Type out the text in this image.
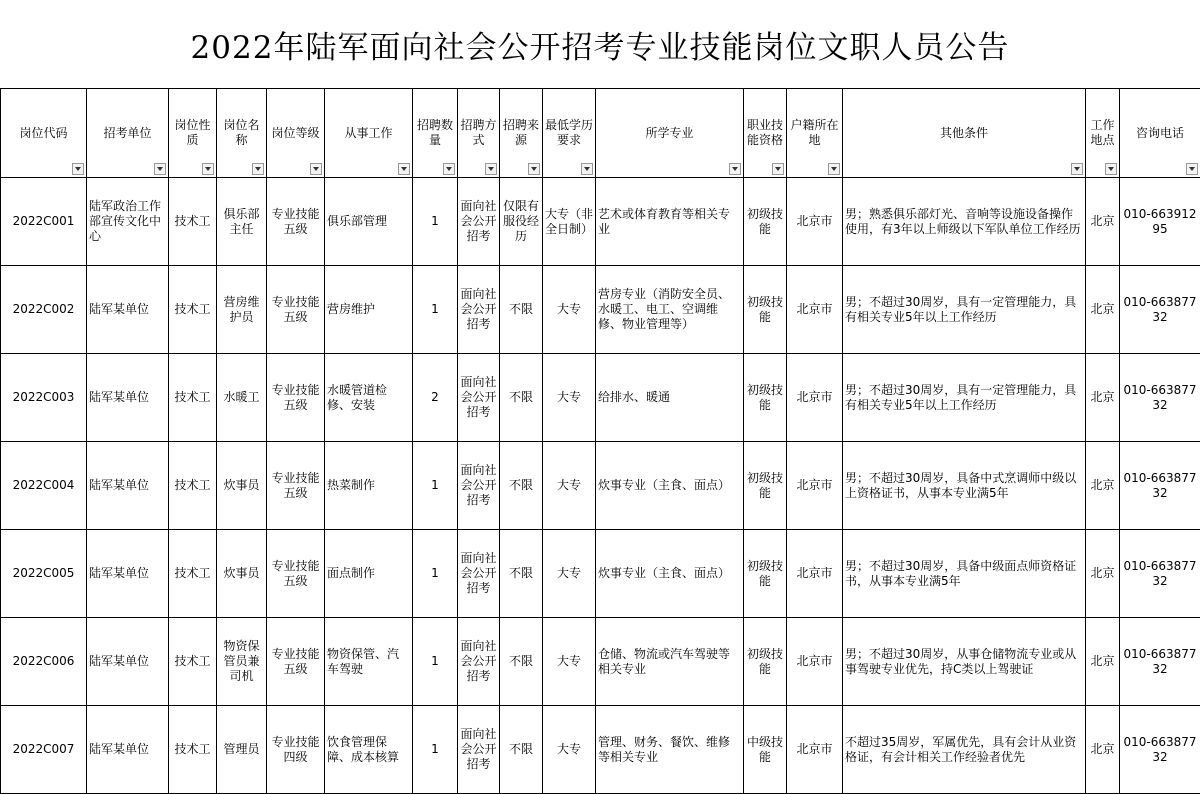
2022年陆军面向社会公开招考专业技能岗位文职人员公告
岗位代码	招考单位	岗位性质	岗位名称	岗位等级	从事工作	招聘数量	招聘方式	招聘来源	最低学历要求	所学专业	职业技能资格	户籍所在地	其他条件	工作地点	咨询电话

2022C001	陆军政治工作部宣传文化中心	技术工	俱乐部主任	专业技能五级	俱乐部管理	1	面向社会公开招考	仅限有服役经历	大专（非全日制）	艺术或体育教育等相关专业	初级技能	北京市	男；熟悉俱乐部灯光、音响等设施设备操作使用，有3年以上师级以下军队单位工作经历	北京	010-66391295
2022C002	陆军某单位	技术工	营房维护员	专业技能五级	营房维护	1	面向社会公开招考	不限	大专	营房专业（消防安全员、水暖工、电工、空调维修、物业管理等）	初级技能	北京市	男；不超过30周岁，具有一定管理能力，具有相关专业5年以上工作经历	北京	010-66387732
2022C003	陆军某单位	技术工	水暖工	专业技能五级	水暖管道检修、安装	2	面向社会公开招考	不限	大专	给排水、暖通	初级技能	北京市	男；不超过30周岁，具有一定管理能力，具有相关专业5年以上工作经历	北京	010-66387732
2022C004	陆军某单位	技术工	炊事员	专业技能五级	热菜制作	1	面向社会公开招考	不限	大专	炊事专业（主食、面点）	初级技能	北京市	男；不超过30周岁，具备中式烹调师中级以上资格证书，从事本专业满5年	北京	010-66387732
2022C005	陆军某单位	技术工	炊事员	专业技能五级	面点制作	1	面向社会公开招考	不限	大专	炊事专业（主食、面点）	初级技能	北京市	男；不超过30周岁，具备中级面点师资格证书，从事本专业满5年	北京	010-66387732
2022C006	陆军某单位	技术工	物资保管员兼司机	专业技能五级	物资保管、汽车驾驶	1	面向社会公开招考	不限	大专	仓储、物流或汽车驾驶等相关专业	初级技能	北京市	男；不超过30周岁，从事仓储物流专业或从事驾驶专业优先，持C类以上驾驶证	北京	010-66387732
2022C007	陆军某单位	技术工	管理员	专业技能四级	饮食管理保障、成本核算	1	面向社会公开招考	不限	大专	管理、财务、餐饮、维修等相关专业	中级技能	北京市	不超过35周岁，军属优先，具有会计从业资格证，有会计相关工作经验者优先	北京	010-66387732
